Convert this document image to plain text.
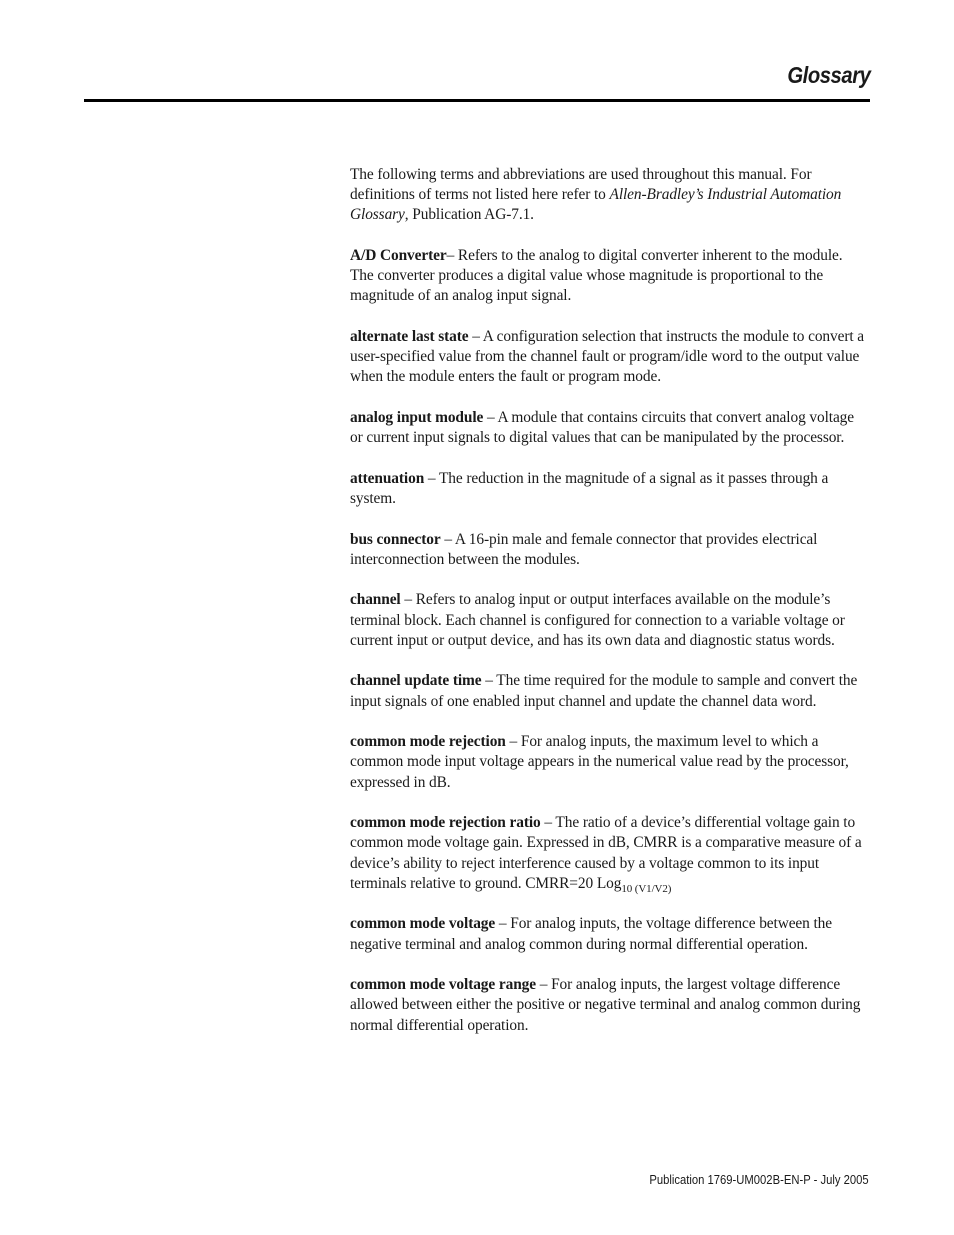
Glossary

The following terms and abbreviations are used throughout this manual. For definitions of terms not listed here refer to Allen-Bradley’s Industrial Automation Glossary, Publication AG-7.1.

A/D Converter– Refers to the analog to digital converter inherent to the module. The converter produces a digital value whose magnitude is proportional to the magnitude of an analog input signal.

alternate last state – A configuration selection that instructs the module to convert a user-specified value from the channel fault or program/idle word to the output value when the module enters the fault or program mode.

analog input module – A module that contains circuits that convert analog voltage or current input signals to digital values that can be manipulated by the processor.

attenuation – The reduction in the magnitude of a signal as it passes through a system.

bus connector – A 16-pin male and female connector that provides electrical interconnection between the modules.

channel – Refers to analog input or output interfaces available on the module’s terminal block. Each channel is configured for connection to a variable voltage or current input or output device, and has its own data and diagnostic status words.

channel update time – The time required for the module to sample and convert the input signals of one enabled input channel and update the channel data word.

common mode rejection – For analog inputs, the maximum level to which a common mode input voltage appears in the numerical value read by the processor, expressed in dB.

common mode rejection ratio – The ratio of a device’s differential voltage gain to common mode voltage gain. Expressed in dB, CMRR is a comparative measure of a device’s ability to reject interference caused by a voltage common to its input terminals relative to ground. CMRR=20 Log$_{10 (V1/V2)}$

common mode voltage – For analog inputs, the voltage difference between the negative terminal and analog common during normal differential operation.

common mode voltage range – For analog inputs, the largest voltage difference allowed between either the positive or negative terminal and analog common during normal differential operation.

Publication 1769-UM002B-EN-P - July 2005
